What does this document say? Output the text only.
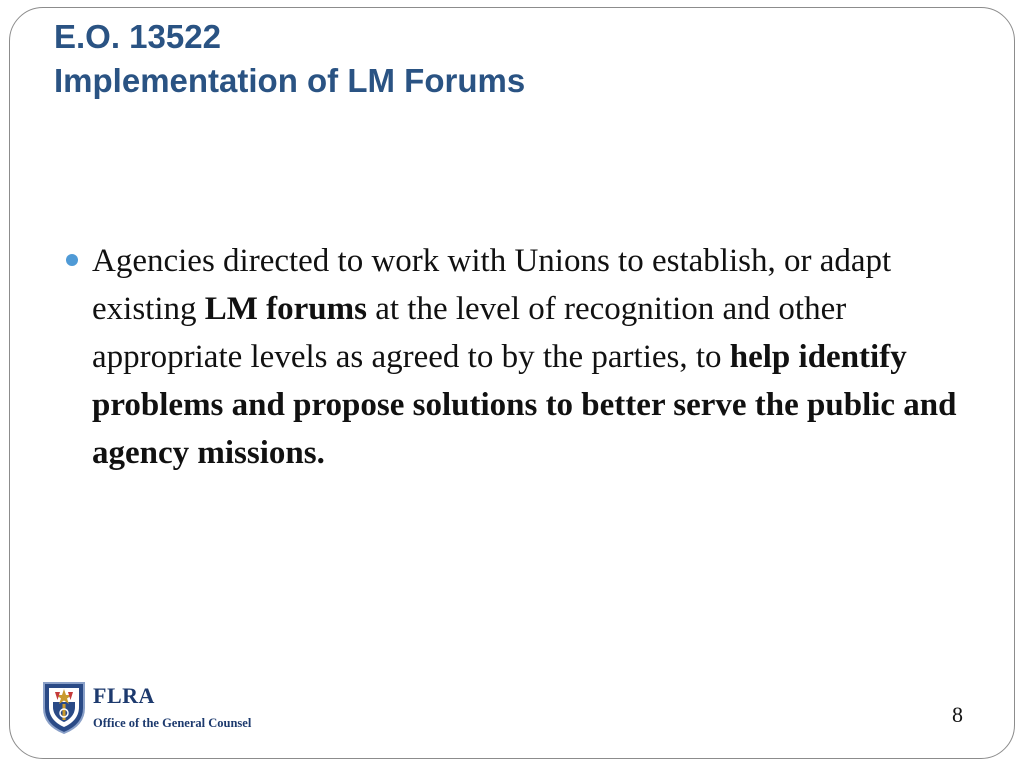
E.O. 13522
Implementation of LM Forums

Agencies directed to work with Unions to establish, or adapt existing LM forums at the level of recognition and other appropriate levels as agreed to by the parties, to help identify problems and propose solutions to better serve the public and agency missions.

FLRA
Office of the General Counsel	8
